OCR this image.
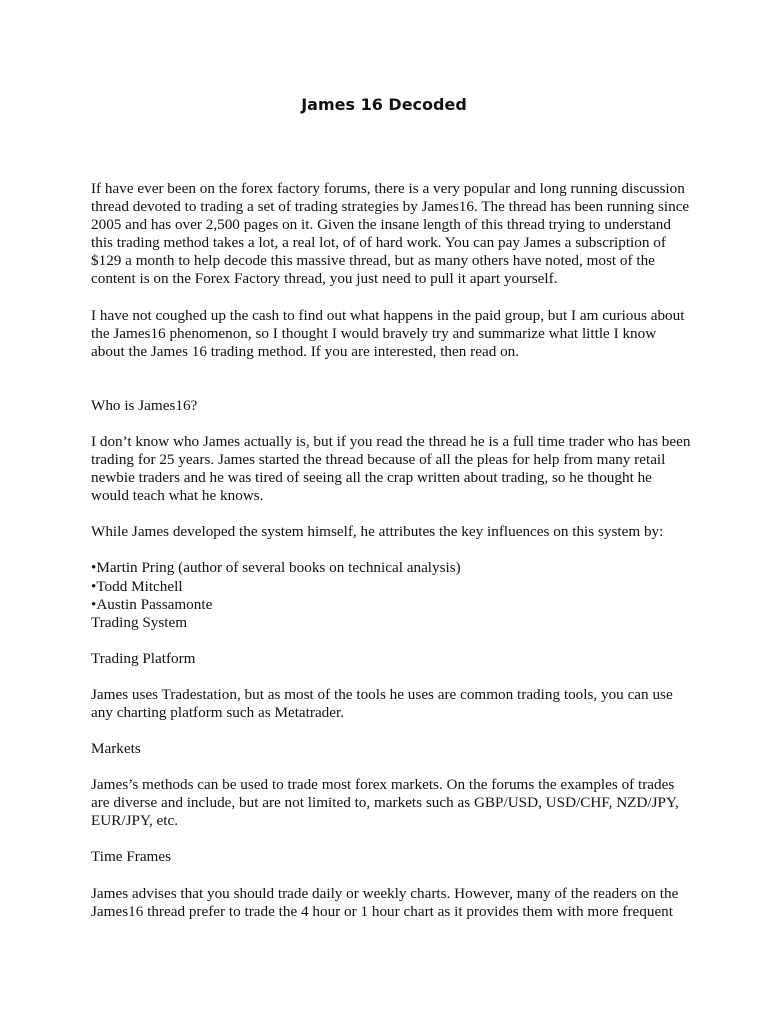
James 16 Decoded

If have ever been on the forex factory forums, there is a very popular and long running discussion thread devoted to trading a set of trading strategies by James16. The thread has been running since 2005 and has over 2,500 pages on it. Given the insane length of this thread trying to understand this trading method takes a lot, a real lot, of of hard work. You can pay James a subscription of $129 a month to help decode this massive thread, but as many others have noted, most of the content is on the Forex Factory thread, you just need to pull it apart yourself.

I have not coughed up the cash to find out what happens in the paid group, but I am curious about the James16 phenomenon, so I thought I would bravely try and summarize what little I know about the James 16 trading method. If you are interested, then read on.

Who is James16?

I don’t know who James actually is, but if you read the thread he is a full time trader who has been trading for 25 years. James started the thread because of all the pleas for help from many retail newbie traders and he was tired of seeing all the crap written about trading, so he thought he would teach what he knows.

While James developed the system himself, he attributes the key influences on this system by:

•Martin Pring (author of several books on technical analysis)

•Todd Mitchell

•Austin Passamonte

Trading System

Trading Platform

James uses Tradestation, but as most of the tools he uses are common trading tools, you can use any charting platform such as Metatrader.

Markets

James’s methods can be used to trade most forex markets. On the forums the examples of trades are diverse and include, but are not limited to, markets such as GBP/USD, USD/CHF, NZD/JPY, EUR/JPY, etc.

Time Frames

James advises that you should trade daily or weekly charts. However, many of the readers on the James16 thread prefer to trade the 4 hour or 1 hour chart as it provides them with more frequent
